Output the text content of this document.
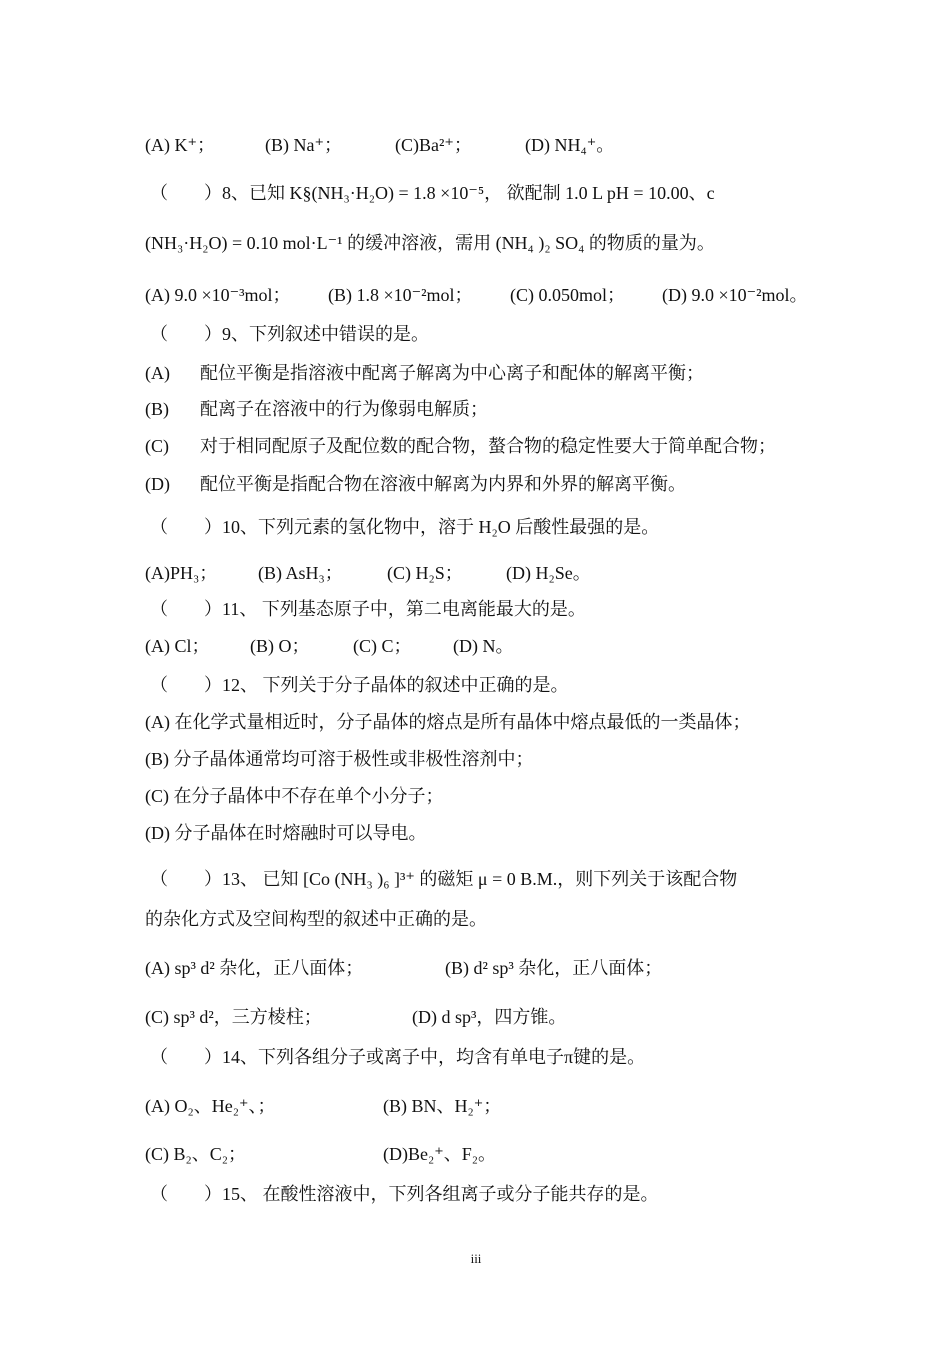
(A) K⁺；	(B) Na⁺；	(C)Ba²⁺；	(D) NH₄⁺。
（　　）8、已知 K§(NH₃·H₂O) = 1.8 ×10⁻⁵， 欲配制 1.0 L pH = 10.00、c
(NH₃·H₂O) = 0.10 mol·L⁻¹ 的缓冲溶液，需用 (NH₄ )₂ SO₄ 的物质的量为。
(A) 9.0 ×10⁻³mol； (B) 1.8 ×10⁻²mol； (C) 0.050mol； (D) 9.0 ×10⁻²mol。
（　　）9、下列叙述中错误的是。
(A) 配位平衡是指溶液中配离子解离为中心离子和配体的解离平衡；
(B)	配离子在溶液中的行为像弱电解质；
(C)	对于相同配原子及配位数的配合物，螯合物的稳定性要大于简单配合物；
(D) 配位平衡是指配合物在溶液中解离为内界和外界的解离平衡。
（　　）10、下列元素的氢化物中，溶于 H₂O 后酸性最强的是。
(A)PH₃； (B) AsH₃； (C) H₂S； (D) H₂Se。
（　　）11、 下列基态原子中，第二电离能最大的是。
(A) Cl； (B) O； (C) C； (D) N。
（　　）12、 下列关于分子晶体的叙述中正确的是。
(A) 在化学式量相近时，分子晶体的熔点是所有晶体中熔点最低的一类晶体；
(B) 分子晶体通常均可溶于极性或非极性溶剂中；
(C) 在分子晶体中不存在单个小分子；
(D) 分子晶体在时熔融时可以导电。
（　　）13、 已知 [Co (NH₃ )₆ ]³⁺ 的磁矩 μ = 0 B.M.，则下列关于该配合物
的杂化方式及空间构型的叙述中正确的是。
(A) sp³ d² 杂化，正八面体；	(B) d² sp³ 杂化，正八面体；
(C) sp³ d²，三方棱柱；	(D) d sp³，四方锥。
（　　）14、下列各组分子或离子中，均含有单电子π键的是。
(A) O₂、He₂⁺、；	(B) BN、H₂⁺；
(C) B₂、C₂；	(D)Be₂⁺、F₂。
（　　）15、 在酸性溶液中，下列各组离子或分子能共存的是。
iii
